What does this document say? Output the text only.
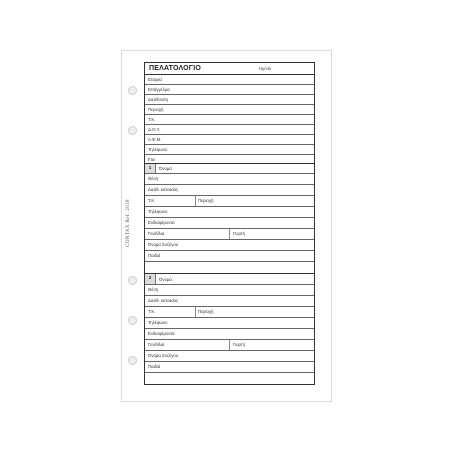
CONTAX Ref. 2018
ΠΕΛΑΤΟΛΟΓΙΟ	Ημ/νία
Εταιρία
Επάγγελμα
Διεύθυνση
Περιοχή
Τ.Κ.
Δ.Ο.Υ.
Α.Φ.Μ.
Τηλέφωνο
Fax
1	Όνομα
Θέση
Διεύθ. κατοικίας
Τ.Κ.	Περιοχή
Τηλέφωνο
Ενδιαφέροντα
Γενέθλια	Γιορτή
Όνομα Συζύγου
Παιδιά
2	Όνομα
Θέση
Διεύθ. κατοικίας
Τ.Κ.	Περιοχή
Τηλέφωνο
Ενδιαφέροντα
Γενέθλια	Γιορτή
Όνομα Συζύγου
Παιδιά
